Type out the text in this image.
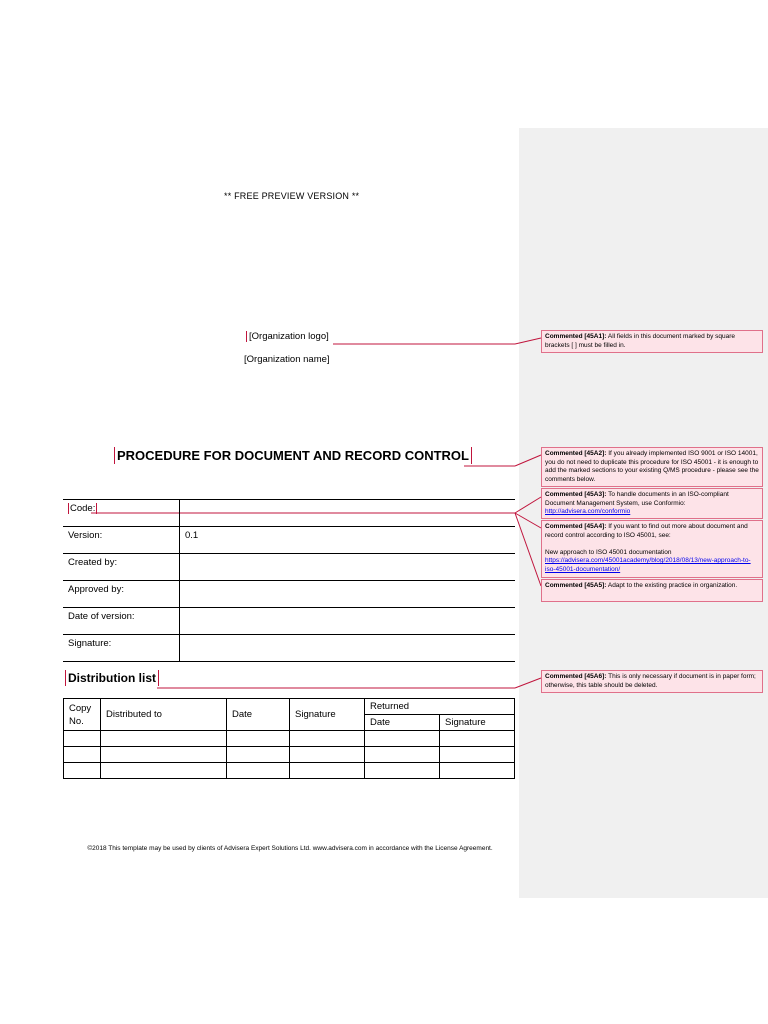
** FREE PREVIEW VERSION **
[Organization logo]
[Organization name]
PROCEDURE FOR DOCUMENT AND RECORD CONTROL
Code:	
Version:	0.1
Created by:	
Approved by:	
Date of version:	
Signature:	
Distribution list
Copy No.	Distributed to	Date	Signature	Returned	
				Date	Signature

©2018 This template may be used by clients of Advisera Expert Solutions Ltd. www.advisera.com in accordance with the License Agreement.
Commented [45A1]: All fields in this document marked by square brackets [ ] must be filled in.
Commented [45A2]: If you already implemented ISO 9001 or ISO 14001, you do not need to duplicate this procedure for ISO 45001 - it is enough to add the marked sections to your existing Q/MS procedure - please see the comments below.
Commented [45A3]: To handle documents in an ISO-compliant Document Management System, use Conformio:
http://advisera.com/conformio
Commented [45A4]: If you want to find out more about document and record control according to ISO 45001, see:

New approach to ISO 45001 documentation
https://advisera.com/45001academy/blog/2018/08/13/new-approach-to-iso-45001-documentation/
Commented [45A5]: Adapt to the existing practice in organization.
Commented [45A6]: This is only necessary if document is in paper form; otherwise, this table should be deleted.
